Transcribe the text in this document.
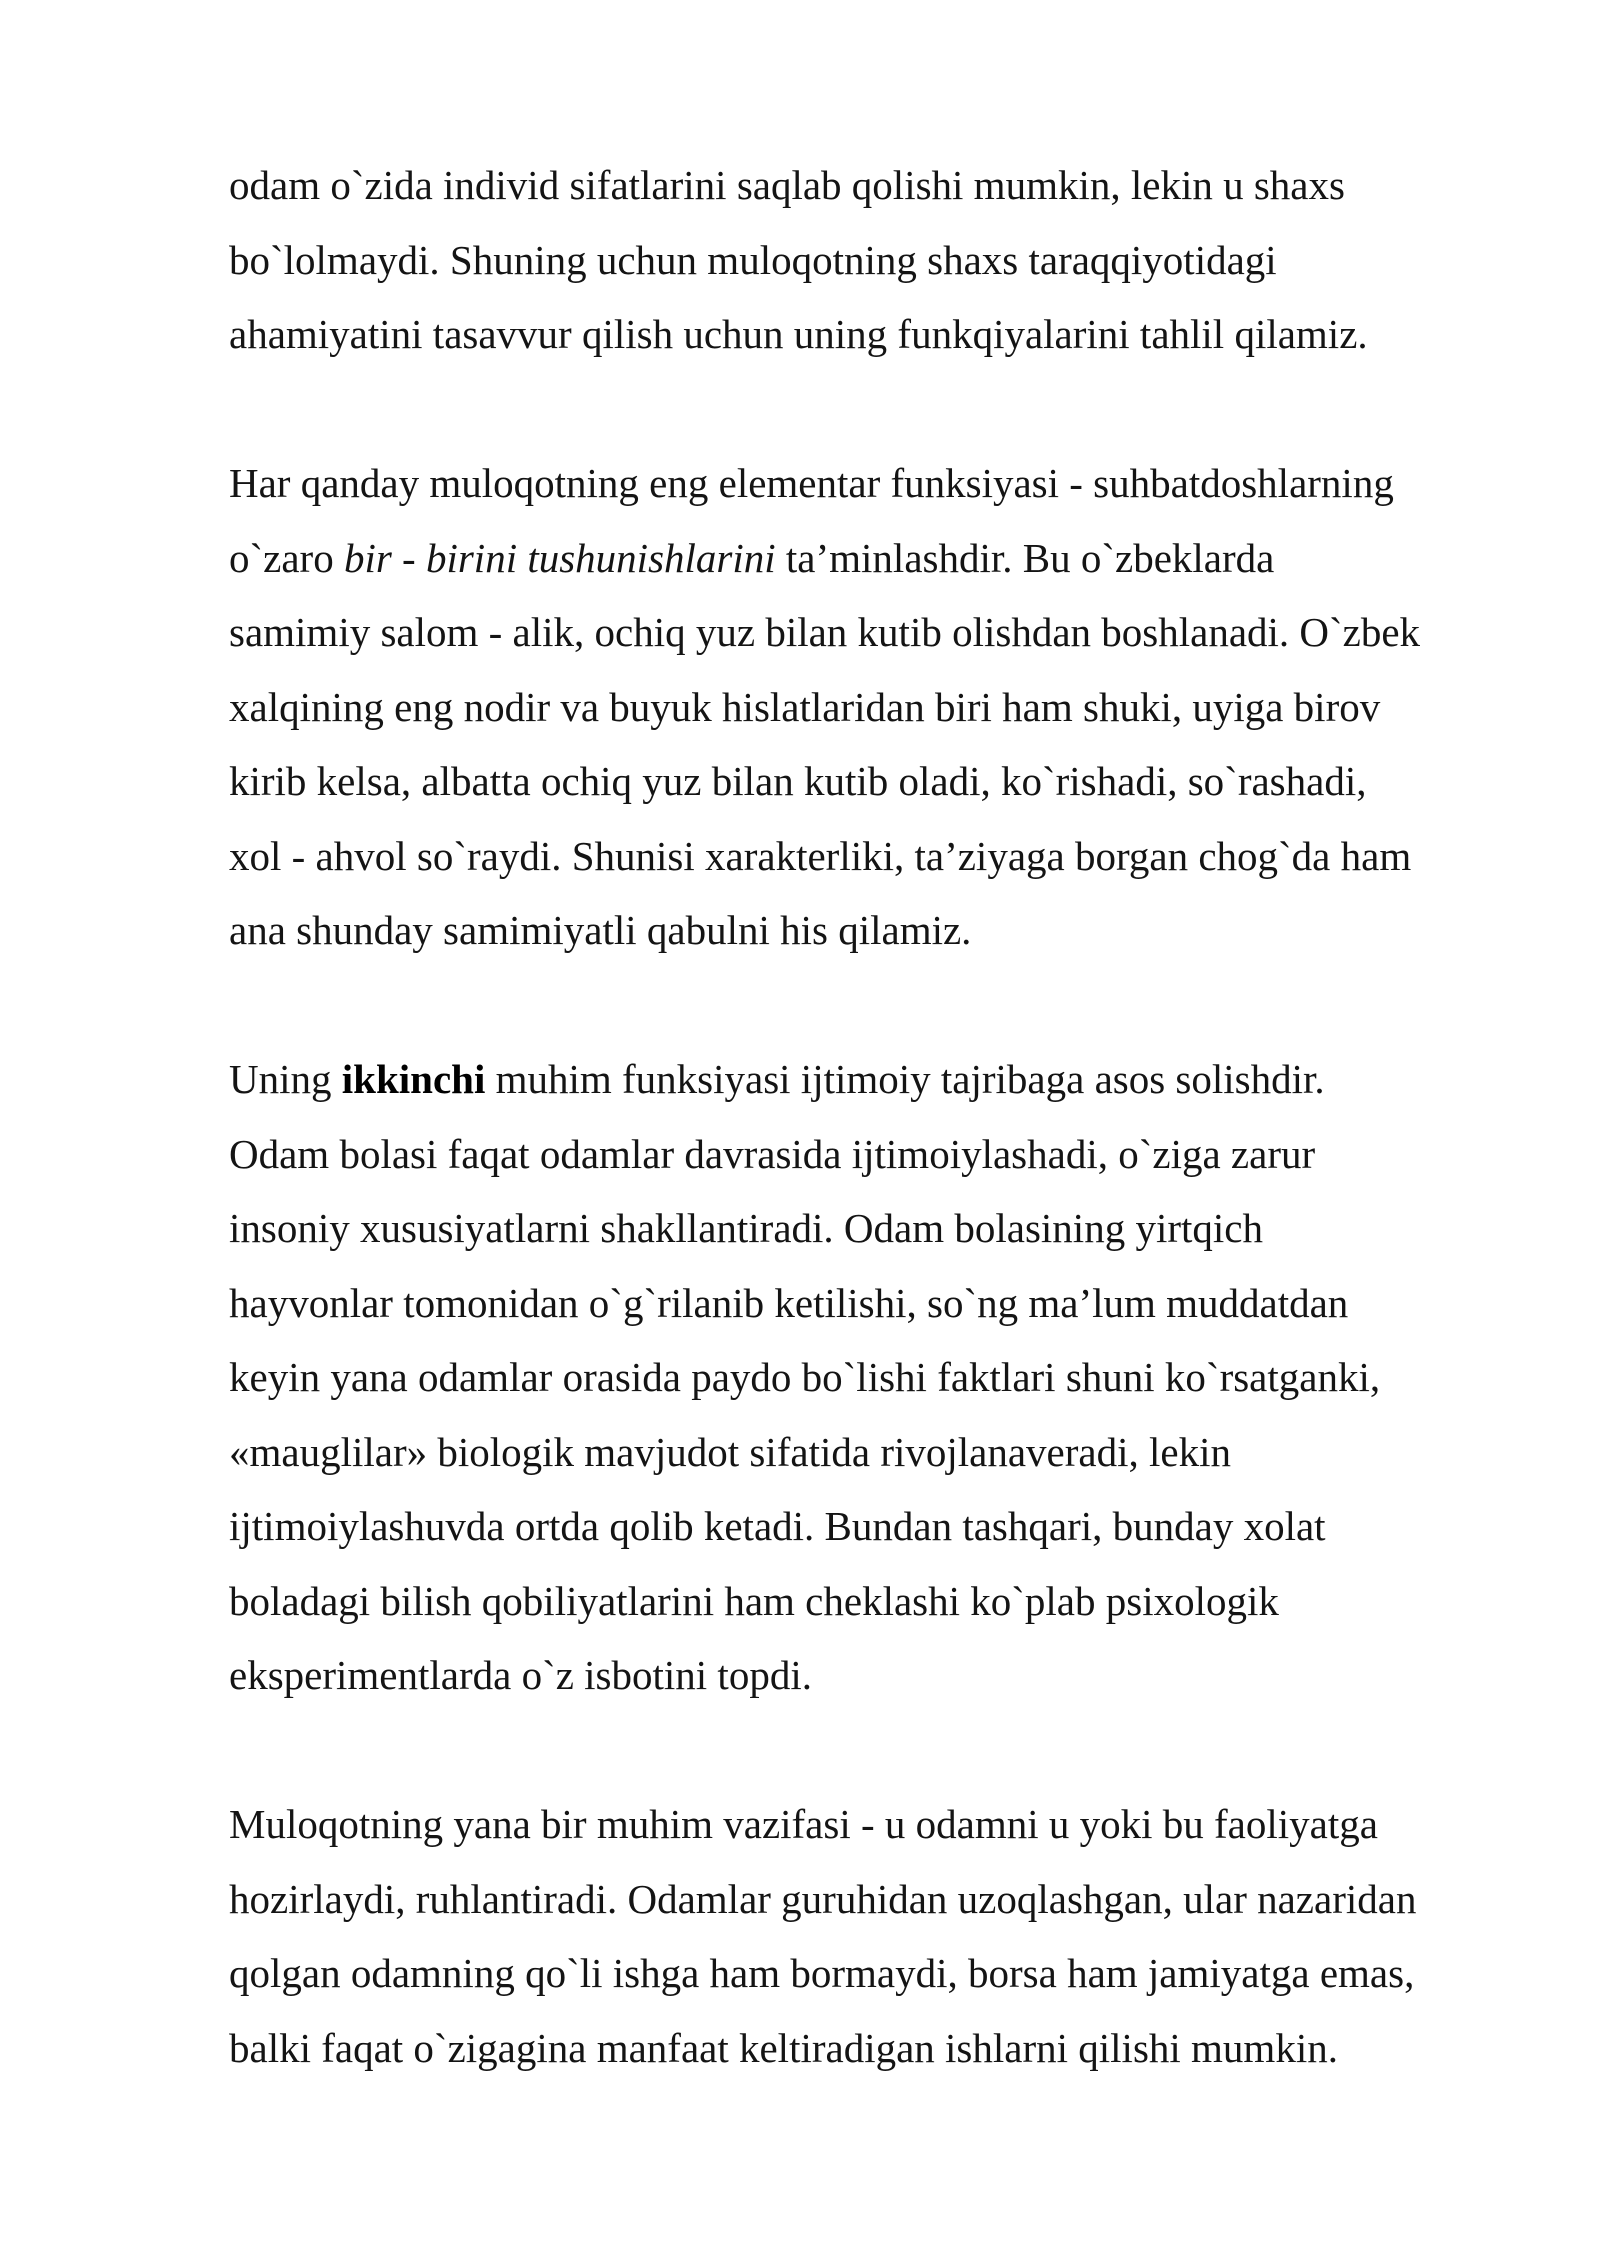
odam o`zida individ sifatlarini saqlab qolishi mumkin, lekin u shaxs
bo`lolmaydi. Shuning uchun muloqotning shaxs taraqqiyotidagi
ahamiyatini tasavvur qilish uchun uning funkqiyalarini tahlil qilamiz.

Har qanday muloqotning eng elementar funksiyasi - suhbatdoshlarning
o`zaro bir - birini tushunishlarini ta’minlashdir. Bu o`zbeklarda
samimiy salom - alik, ochiq yuz bilan kutib olishdan boshlanadi. O`zbek
xalqining eng nodir va buyuk hislatlaridan biri ham shuki, uyiga birov
kirib kelsa, albatta ochiq yuz bilan kutib oladi, ko`rishadi, so`rashadi,
xol - ahvol so`raydi. Shunisi xarakterliki, ta’ziyaga borgan chog`da ham
ana shunday samimiyatli qabulni his qilamiz.

Uning ikkinchi muhim funksiyasi ijtimoiy tajribaga asos solishdir.
Odam bolasi faqat odamlar davrasida ijtimoiylashadi, o`ziga zarur
insoniy xususiyatlarni shakllantiradi. Odam bolasining yirtqich
hayvonlar tomonidan o`g`rilanib ketilishi, so`ng ma’lum muddatdan
keyin yana odamlar orasida paydo bo`lishi faktlari shuni ko`rsatganki,
«mauglilar» biologik mavjudot sifatida rivojlanaveradi, lekin
ijtimoiylashuvda ortda qolib ketadi. Bundan tashqari, bunday xolat
boladagi bilish qobiliyatlarini ham cheklashi ko`plab psixologik
eksperimentlarda o`z isbotini topdi.

Muloqotning yana bir muhim vazifasi - u odamni u yoki bu faoliyatga
hozirlaydi, ruhlantiradi. Odamlar guruhidan uzoqlashgan, ular nazaridan
qolgan odamning qo`li ishga ham bormaydi, borsa ham jamiyatga emas,
balki faqat o`zigagina manfaat keltiradigan ishlarni qilishi mumkin.
